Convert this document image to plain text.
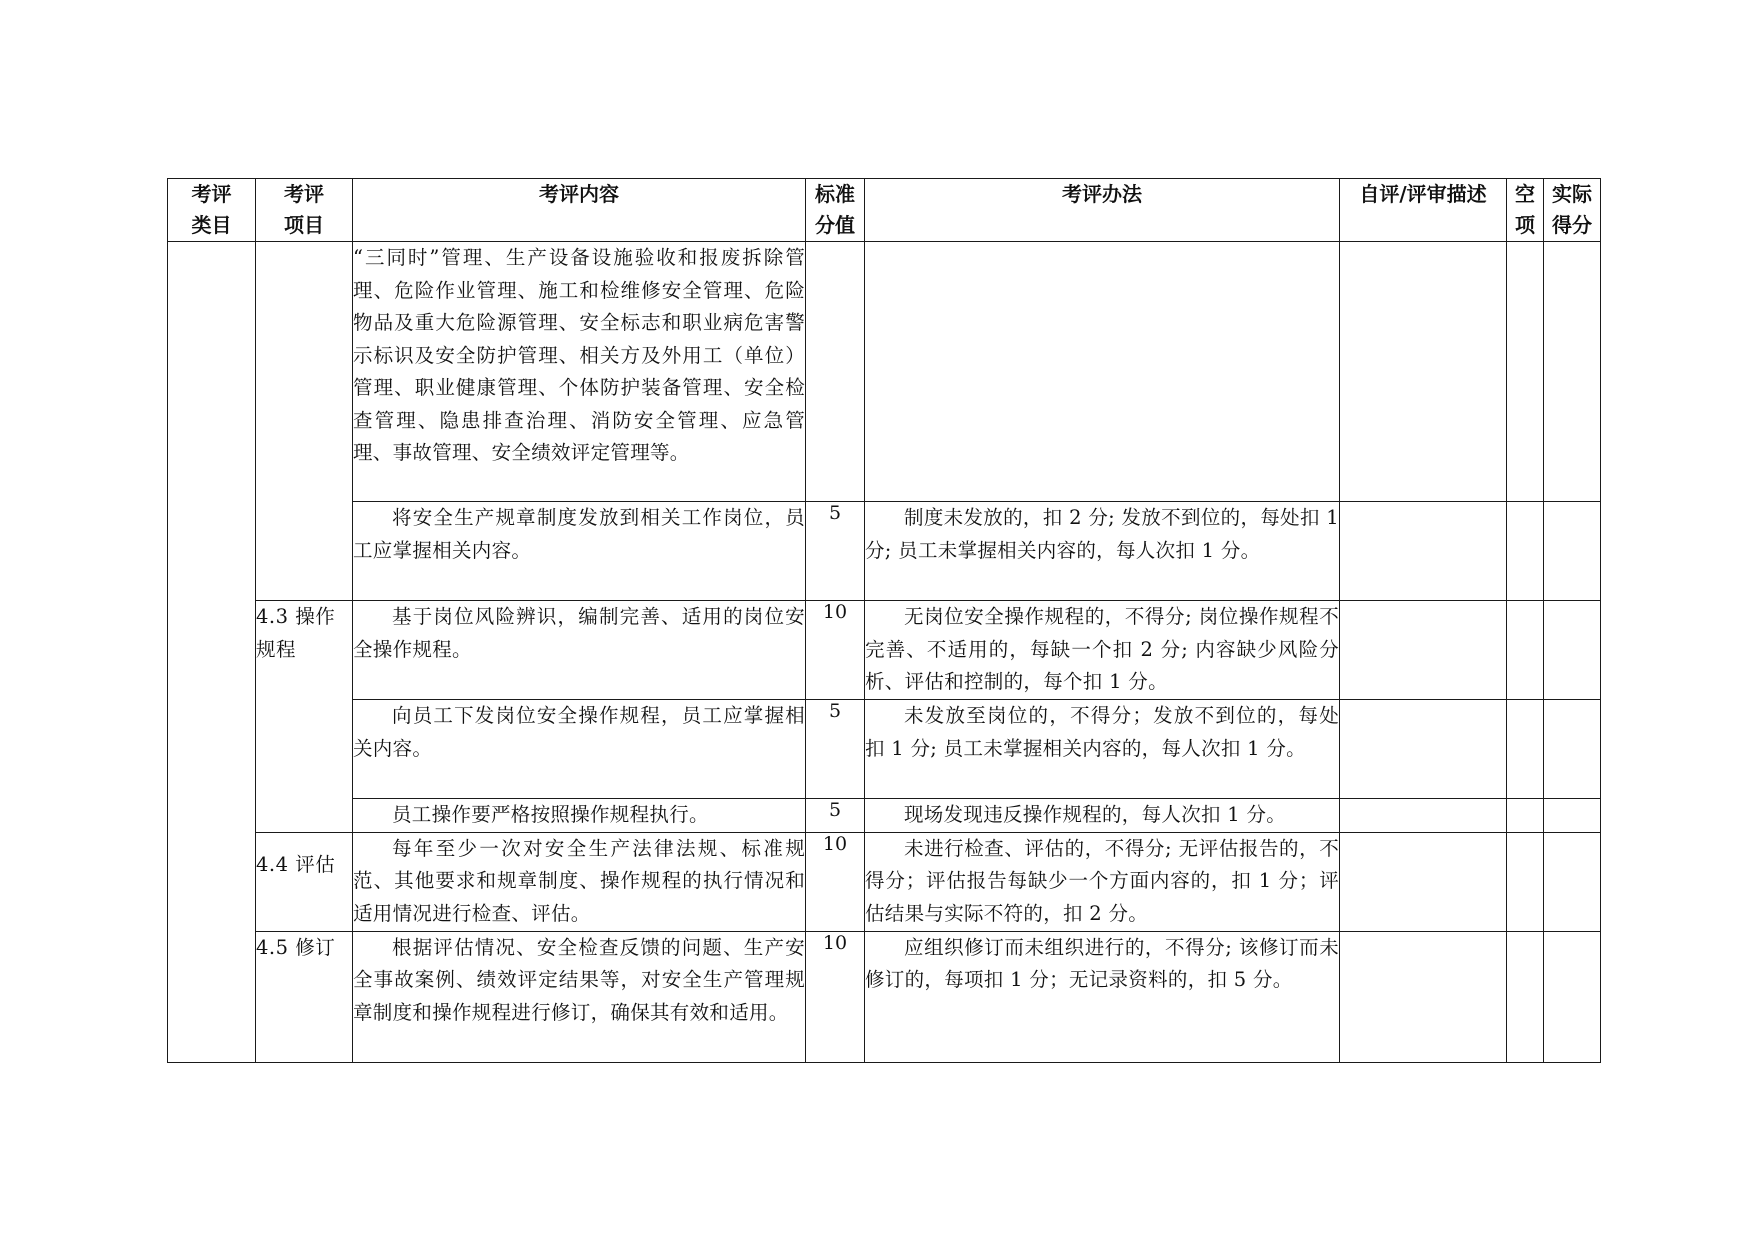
考评类目	考评项目	考评内容	标准分值	考评办法	自评/评审描述	空项	实际得分
		“三同时”管理、生产设备设施验收和报废拆除管理、危险作业管理、施工和检维修安全管理、危险物品及重大危险源管理、安全标志和职业病危害警示标识及安全防护管理、相关方及外用工（单位）管理、职业健康管理、个体防护装备管理、安全检查管理、隐患排查治理、消防安全管理、应急管理、事故管理、安全绩效评定管理等。					
		将安全生产规章制度发放到相关工作岗位，员工应掌握相关内容。	5	制度未发放的，扣 2 分; 发放不到位的，每处扣 1 分; 员工未掌握相关内容的，每人次扣 1 分。			
	4.3 操作规程	基于岗位风险辨识，编制完善、适用的岗位安全操作规程。	10	无岗位安全操作规程的，不得分; 岗位操作规程不完善、不适用的，每缺一个扣 2 分; 内容缺少风险分析、评估和控制的，每个扣 1 分。			
		向员工下发岗位安全操作规程，员工应掌握相关内容。	5	未发放至岗位的，不得分；发放不到位的，每处扣 1 分; 员工未掌握相关内容的，每人次扣 1 分。			
		员工操作要严格按照操作规程执行。	5	现场发现违反操作规程的，每人次扣 1 分。			
	4.4 评估	每年至少一次对安全生产法律法规、标准规范、其他要求和规章制度、操作规程的执行情况和适用情况进行检查、评估。	10	未进行检查、评估的，不得分; 无评估报告的，不得分；评估报告每缺少一个方面内容的，扣 1 分；评估结果与实际不符的，扣 2 分。			
	4.5 修订	根据评估情况、安全检查反馈的问题、生产安全事故案例、绩效评定结果等，对安全生产管理规章制度和操作规程进行修订，确保其有效和适用。	10	应组织修订而未组织进行的，不得分; 该修订而未修订的，每项扣 1 分；无记录资料的，扣 5 分。			
